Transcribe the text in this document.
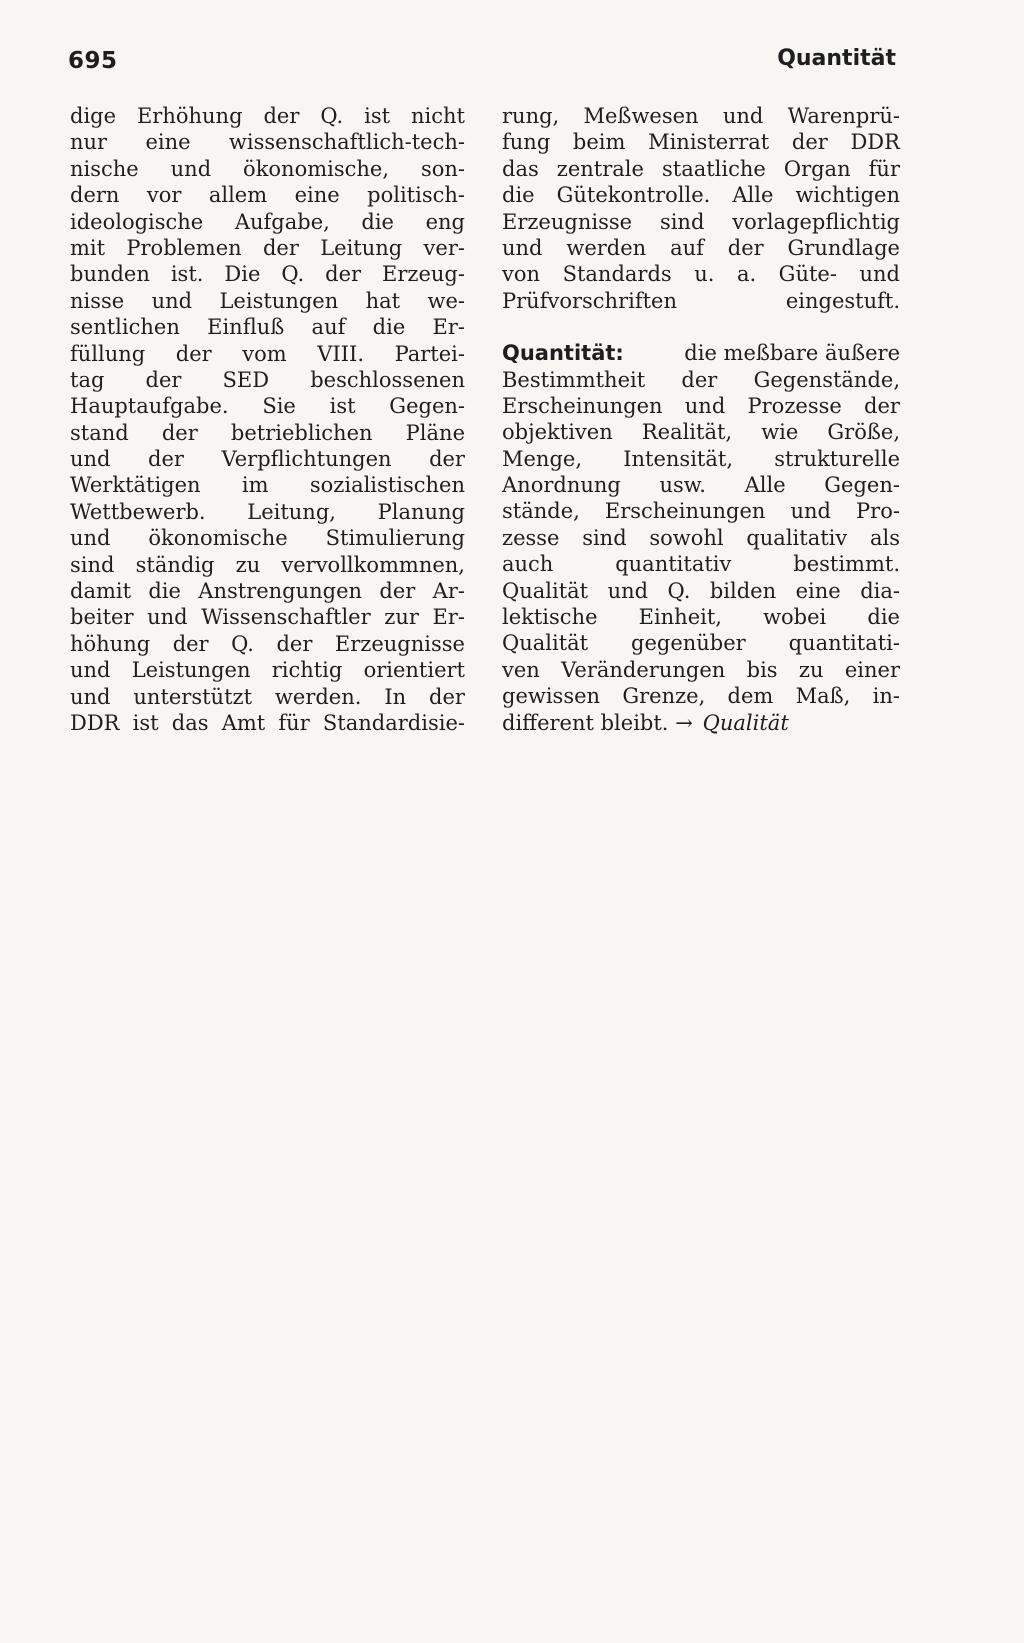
695	Quantität
dige Erhöhung der Q. ist nicht
nur eine wissenschaftlich-tech-
nische und ökonomische, son-
dern vor allem eine politisch-
ideologische Aufgabe, die eng
mit Problemen der Leitung ver-
bunden ist. Die Q. der Erzeug-
nisse und Leistungen hat we-
sentlichen Einfluß auf die Er-
füllung der vom VIII. Partei-
tag der SED beschlossenen
Hauptaufgabe. Sie ist Gegen-
stand der betrieblichen Pläne
und der Verpflichtungen der
Werktätigen im sozialistischen
Wettbewerb. Leitung, Planung
und ökonomische Stimulierung
sind ständig zu vervollkommnen,
damit die Anstrengungen der Ar-
beiter und Wissenschaftler zur Er-
höhung der Q. der Erzeugnisse
und Leistungen richtig orientiert
und unterstützt werden. In der
DDR ist das Amt für Standardisie-
rung, Meßwesen und Warenprü-
fung beim Ministerrat der DDR
das zentrale staatliche Organ für
die Gütekontrolle. Alle wichtigen
Erzeugnisse sind vorlagepflichtig
und werden auf der Grundlage
von Standards u. a. Güte- und
Prüfvorschriften	eingestuft.
Quantität:	die meßbare äußere
Bestimmtheit der Gegenstände,
Erscheinungen und Prozesse der
objektiven Realität, wie Größe,
Menge, Intensität, strukturelle
Anordnung usw. Alle Gegen-
stände, Erscheinungen und Pro-
zesse sind sowohl qualitativ als
auch	quantitativ	bestimmt.
Qualität und Q. bilden eine dia-
lektische Einheit, wobei die
Qualität gegenüber quantitati-
ven Veränderungen bis zu einer
gewissen Grenze, dem Maß, in-
different bleibt. → Qualität
